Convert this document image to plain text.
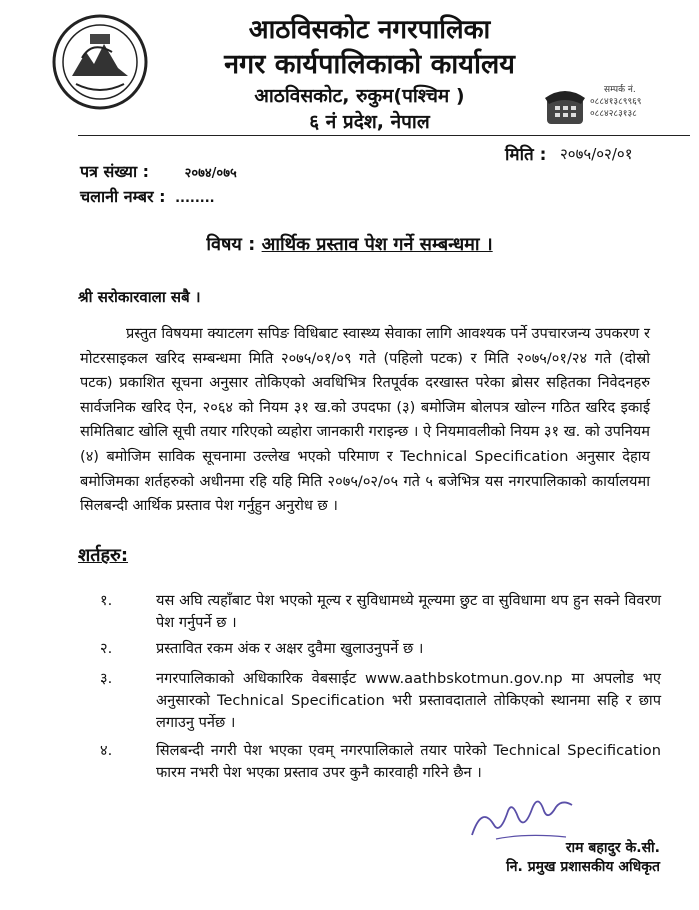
आठविसकोट नगरपालिका
नगर कार्यपालिकाको कार्यालय
आठविसकोट, रुकुम(पश्चिम )
६ नं प्रदेश, नेपाल
सम्पर्क नं.
०८८४१३८९९६९
०८८४२८३१३८
मिति : २०७५/०२/०१
पत्र संख्या :	२०७४/०७५
चलानी नम्बर : ........
विषय : आर्थिक प्रस्ताव पेश गर्ने सम्बन्धमा ।
श्री सरोकारवाला सबै ।
प्रस्तुत विषयमा क्याटलग सपिङ विधिबाट स्वास्थ्य सेवाका लागि आवश्यक पर्ने उपचारजन्य उपकरण र मोटरसाइकल खरिद सम्बन्धमा मिति २०७५/०१/०९ गते (पहिलो पटक) र मिति २०७५/०१/२४ गते (दोस्रो पटक) प्रकाशित सूचना अनुसार तोकिएको अवधिभित्र रितपूर्वक दरखास्त परेका ब्रोसर सहितका निवेदनहरु सार्वजनिक खरिद ऐन, २०६४ को नियम ३१ ख.को उपदफा (३) बमोजिम बोलपत्र खोल्न गठित खरिद इकाई समितिबाट खोलि सूची तयार गरिएको व्यहोरा जानकारी गराइन्छ । ऐ नियमावलीको नियम ३१ ख. को उपनियम (४) बमोजिम साविक सूचनामा उल्लेख भएको परिमाण र Technical Specification अनुसार देहाय बमोजिमका शर्तहरुको अधीनमा रहि यहि मिति २०७५/०२/०५ गते ५ बजेभित्र यस नगरपालिकाको कार्यालयमा सिलबन्दी आर्थिक प्रस्ताव पेश गर्नुहुन अनुरोध छ ।
शर्तहरु:
१.	यस अघि त्यहाँबाट पेश भएको मूल्य र सुविधामध्ये मूल्यमा छुट वा सुविधामा थप हुन सक्ने विवरण पेश गर्नुपर्ने छ ।
२.	प्रस्तावित रकम अंक र अक्षर दुवैमा खुलाउनुपर्ने छ ।
३.	नगरपालिकाको अधिकारिक वेबसाईट www.aathbskotmun.gov.np मा अपलोड भए अनुसारको Technical Specification भरी प्रस्तावदाताले तोकिएको स्थानमा सहि र छाप लगाउनु पर्नेछ ।
४.	सिलबन्दी नगरी पेश भएका एवम् नगरपालिकाले तयार पारेको Technical Specification फारम नभरी पेश भएका प्रस्ताव उपर कुनै कारवाही गरिने छैन ।
राम बहादुर के.सी.
नि. प्रमुख प्रशासकीय अधिकृत
